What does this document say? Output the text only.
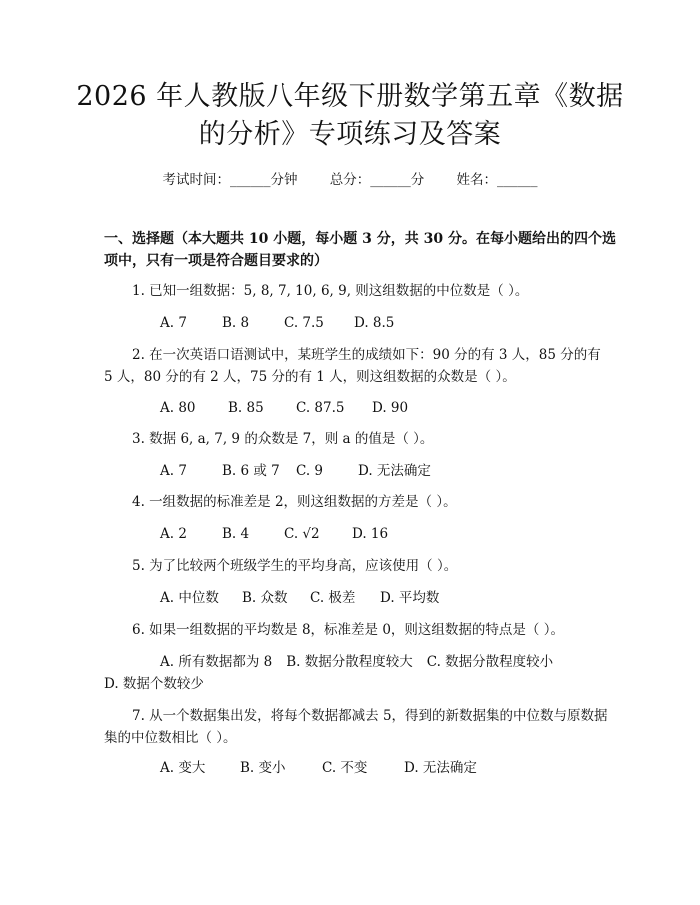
2026 年人教版八年级下册数学第五章《数据
的分析》专项练习及答案
考试时间：______分钟 总分：______分 姓名：______
一、选择题（本大题共 10 小题，每小题 3 分，共 30 分。在每小题给出的四个选项中，只有一项是符合题目要求的）
1. 已知一组数据：5, 8, 7, 10, 6, 9, 则这组数据的中位数是（ ）。
A. 7	B. 8	C. 7.5 D. 8.5
2. 在一次英语口语测试中，某班学生的成绩如下：90 分的有 3 人，85 分的有 5 人，80 分的有 2 人，75 分的有 1 人，则这组数据的众数是（ ）。
A. 80 B. 85 C. 87.5 D. 90
3. 数据 6, a, 7, 9 的众数是 7，则 a 的值是（ ）。
A. 7	B. 6 或 7 C. 9	D. 无法确定
4. 一组数据的标准差是 2，则这组数据的方差是（ ）。
A. 2	B. 4	C. √2 D. 16
5. 为了比较两个班级学生的平均身高，应该使用（ ）。
A. 中位数 B. 众数 C. 极差 D. 平均数
6. 如果一组数据的平均数是 8，标准差是 0，则这组数据的特点是（ ）。
A. 所有数据都为 8 B. 数据分散程度较大 C. 数据分散程度较小
D. 数据个数较少
7. 从一个数据集出发，将每个数据都减去 5，得到的新数据集的中位数与原数据集的中位数相比（ ）。
A. 变大	B. 变小	C. 不变	D. 无法确定
